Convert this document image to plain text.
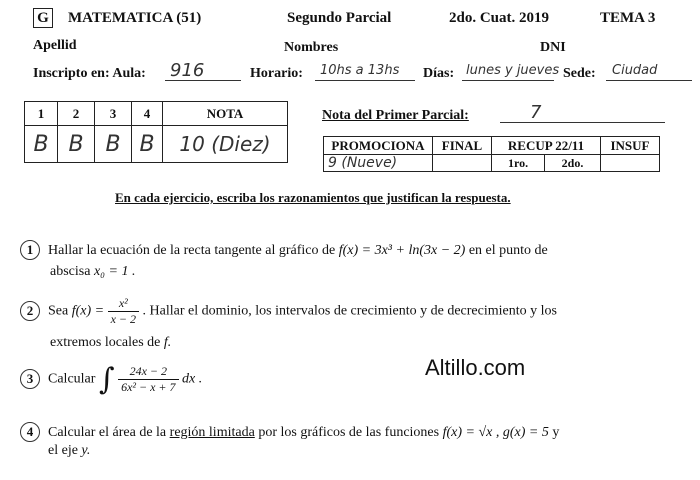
G MATEMATICA (51)	Segundo Parcial	2do. Cuat. 2019	TEMA 3
Apellid	Nombres	DNI
Inscripto en: Aula: 916	Horario: 10hs a 13hs Días: lunes y jueves Sede: Ciudad
1	2	3	4	NOTA
B	B	B	B	10 (Diez)
Nota del Primer Parcial:	7
PROMOCIONA	FINAL	RECUP 22/11		INSUF
9 (Nueve)		1ro.	2do.	
En cada ejercicio, escriba los razonamientos que justifican la respuesta.
1 Hallar la ecuación de la recta tangente al gráfico de f(x) = 3x³ + ln(3x − 2) en el punto de
abscisa x₀ = 1 .
2 Sea $f(x) = \frac{\text{x²}}{x - 2}$ . Hallar el dominio, los intervalos de crecimiento y de decrecimiento y los
extremos locales de f.
Altillo.com
3 Calcular ∫ $\frac{24x - 2}{\text{6x² − x + 7}}$ dx .
4 Calcular el área de la región limitada por los gráficos de las funciones f(x) = √x , g(x) = 5 y
el eje y.
